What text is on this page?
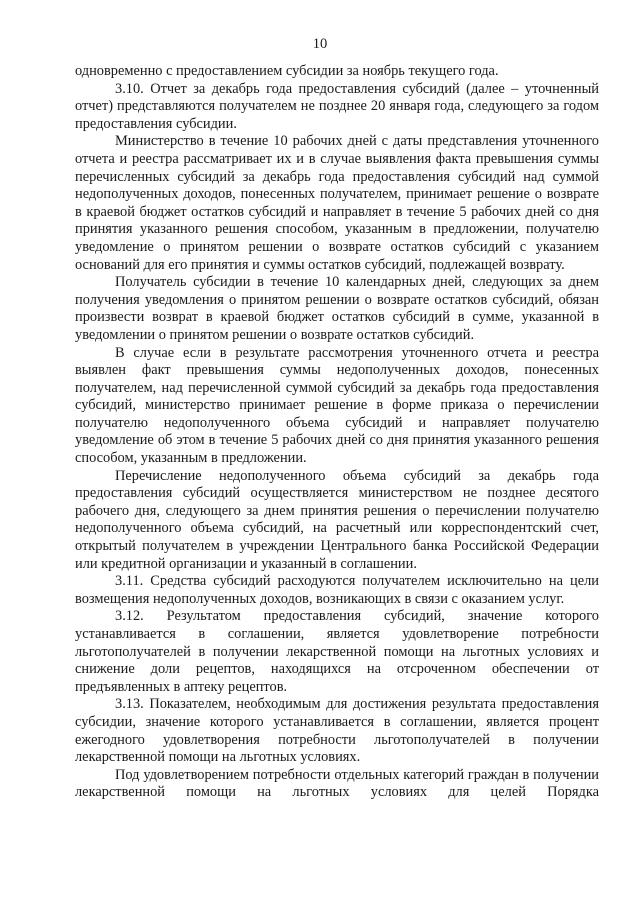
10

одновременно с предоставлением субсидии за ноябрь текущего года.

3.10. Отчет за декабрь года предоставления субсидий (далее – уточненный отчет) представляются получателем не позднее 20 января года, следующего за годом предоставления субсидии.

Министерство в течение 10 рабочих дней с даты представления уточненного отчета и реестра рассматривает их и в случае выявления факта превышения суммы перечисленных субсидий за декабрь года предоставления субсидий над суммой недополученных доходов, понесенных получателем, принимает решение о возврате в краевой бюджет остатков субсидий и направляет в течение 5 рабочих дней со дня принятия указанного решения способом, указанным в предложении, получателю уведомление о принятом решении о возврате остатков субсидий с указанием оснований для его принятия и суммы остатков субсидий, подлежащей возврату.

Получатель субсидии в течение 10 календарных дней, следующих за днем получения уведомления о принятом решении о возврате остатков субсидий, обязан произвести возврат в краевой бюджет остатков субсидий в сумме, указанной в уведомлении о принятом решении о возврате остатков субсидий.

В случае если в результате рассмотрения уточненного отчета и реестра выявлен факт превышения суммы недополученных доходов, понесенных получателем, над перечисленной суммой субсидий за декабрь года предоставления субсидий, министерство принимает решение в форме приказа о перечислении получателю недополученного объема субсидий и направляет получателю уведомление об этом в течение 5 рабочих дней со дня принятия указанного решения способом, указанным в предложении.

Перечисление недополученного объема субсидий за декабрь года предоставления субсидий осуществляется министерством не позднее десятого рабочего дня, следующего за днем принятия решения о перечислении получателю недополученного объема субсидий, на расчетный или корреспондентский счет, открытый получателем в учреждении Центрального банка Российской Федерации или кредитной организации и указанный в соглашении.

3.11. Средства субсидий расходуются получателем исключительно на цели возмещения недополученных доходов, возникающих в связи с оказанием услуг.

3.12. Результатом предоставления субсидий, значение которого устанавливается в соглашении, является удовлетворение потребности льготополучателей в получении лекарственной помощи на льготных условиях и снижение доли рецептов, находящихся на отсроченном обеспечении от предъявленных в аптеку рецептов.

3.13. Показателем, необходимым для достижения результата предоставления субсидии, значение которого устанавливается в соглашении, является процент ежегодного удовлетворения потребности льготополучателей в получении лекарственной помощи на льготных условиях.

Под удовлетворением потребности отдельных категорий граждан в получении лекарственной помощи на льготных условиях для целей Порядка
